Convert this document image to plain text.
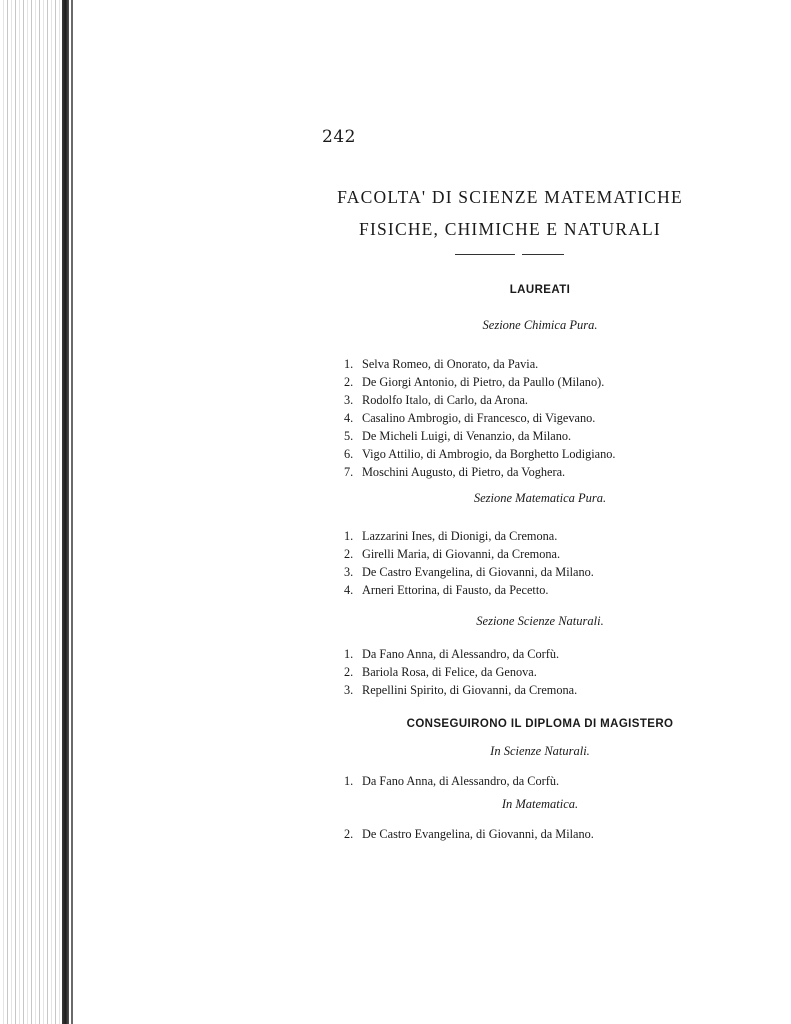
242
FACOLTA' DI SCIENZE MATEMATICHE
FISICHE, CHIMICHE E NATURALI
LAUREATI
Sezione Chimica Pura.
1. Selva Romeo, di Onorato, da Pavia.
2. De Giorgi Antonio, di Pietro, da Paullo (Milano).
3. Rodolfo Italo, di Carlo, da Arona.
4. Casalino Ambrogio, di Francesco, di Vigevano.
5. De Micheli Luigi, di Venanzio, da Milano.
6. Vigo Attilio, di Ambrogio, da Borghetto Lodigiano.
7. Moschini Augusto, di Pietro, da Voghera.
Sezione Matematica Pura.
1. Lazzarini Ines, di Dionigi, da Cremona.
2. Girelli Maria, di Giovanni, da Cremona.
3. De Castro Evangelina, di Giovanni, da Milano.
4. Arneri Ettorina, di Fausto, da Pecetto.
Sezione Scienze Naturali.
1. Da Fano Anna, di Alessandro, da Corfù.
2. Bariola Rosa, di Felice, da Genova.
3. Repellini Spirito, di Giovanni, da Cremona.
CONSEGUIRONO IL DIPLOMA DI MAGISTERO
In Scienze Naturali.
1. Da Fano Anna, di Alessandro, da Corfù.
In Matematica.
2. De Castro Evangelina, di Giovanni, da Milano.
